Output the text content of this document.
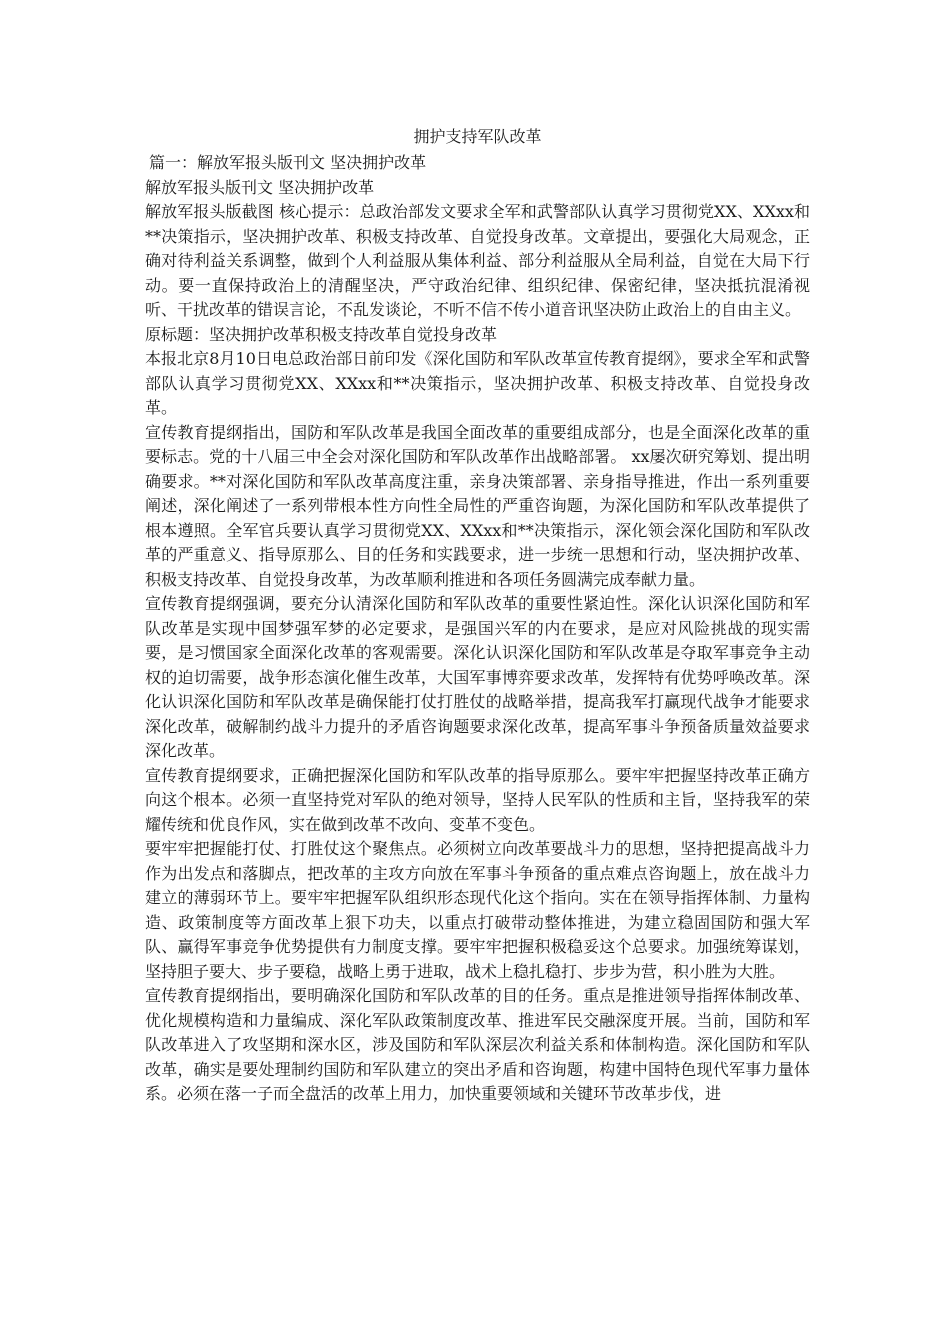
拥护支持军队改革
篇一：解放军报头版刊文 坚决拥护改革
解放军报头版刊文 坚决拥护改革
解放军报头版截图 核心提示：总政治部发文要求全军和武警部队认真学习贯彻党XX、XXxx和**决策指示，坚决拥护改革、积极支持改革、自觉投身改革。文章提出，要强化大局观念，正确对待利益关系调整，做到个人利益服从集体利益、部分利益服从全局利益，自觉在大局下行动。要一直保持政治上的清醒坚决，严守政治纪律、组织纪律、保密纪律，坚决抵抗混淆视听、干扰改革的错误言论，不乱发谈论，不听不信不传小道音讯坚决防止政治上的自由主义。
原标题：坚决拥护改革积极支持改革自觉投身改革
本报北京8月10日电总政治部日前印发《深化国防和军队改革宣传教育提纲》，要求全军和武警部队认真学习贯彻党XX、XXxx和**决策指示，坚决拥护改革、积极支持改革、自觉投身改革。
宣传教育提纲指出，国防和军队改革是我国全面改革的重要组成部分，也是全面深化改革的重要标志。党的十八届三中全会对深化国防和军队改革作出战略部署。 xx屡次研究筹划、提出明确要求。**对深化国防和军队改革高度注重，亲身决策部署、亲身指导推进，作出一系列重要阐述，深化阐述了一系列带根本性方向性全局性的严重咨询题，为深化国防和军队改革提供了根本遵照。全军官兵要认真学习贯彻党XX、XXxx和**决策指示，深化领会深化国防和军队改革的严重意义、指导原那么、目的任务和实践要求，进一步统一思想和行动，坚决拥护改革、积极支持改革、自觉投身改革，为改革顺利推进和各项任务圆满完成奉献力量。
宣传教育提纲强调，要充分认清深化国防和军队改革的重要性紧迫性。深化认识深化国防和军队改革是实现中国梦强军梦的必定要求，是强国兴军的内在要求，是应对风险挑战的现实需要，是习惯国家全面深化改革的客观需要。深化认识深化国防和军队改革是夺取军事竞争主动权的迫切需要，战争形态演化催生改革，大国军事博弈要求改革，发挥特有优势呼唤改革。深化认识深化国防和军队改革是确保能打仗打胜仗的战略举措，提高我军打赢现代战争才能要求深化改革，破解制约战斗力提升的矛盾咨询题要求深化改革，提高军事斗争预备质量效益要求深化改革。
宣传教育提纲要求，正确把握深化国防和军队改革的指导原那么。要牢牢把握坚持改革正确方向这个根本。必须一直坚持党对军队的绝对领导，坚持人民军队的性质和主旨，坚持我军的荣耀传统和优良作风，实在做到改革不改向、变革不变色。
要牢牢把握能打仗、打胜仗这个聚焦点。必须树立向改革要战斗力的思想，坚持把提高战斗力作为出发点和落脚点，把改革的主攻方向放在军事斗争预备的重点难点咨询题上，放在战斗力建立的薄弱环节上。要牢牢把握军队组织形态现代化这个指向。实在在领导指挥体制、力量构造、政策制度等方面改革上狠下功夫，以重点打破带动整体推进，为建立稳固国防和强大军队、赢得军事竞争优势提供有力制度支撑。要牢牢把握积极稳妥这个总要求。加强统筹谋划，坚持胆子要大、步子要稳，战略上勇于进取，战术上稳扎稳打、步步为营，积小胜为大胜。
宣传教育提纲指出，要明确深化国防和军队改革的目的任务。重点是推进领导指挥体制改革、优化规模构造和力量编成、深化军队政策制度改革、推进军民交融深度开展。当前，国防和军队改革进入了攻坚期和深水区，涉及国防和军队深层次利益关系和体制构造。深化国防和军队改革，确实是要处理制约国防和军队建立的突出矛盾和咨询题，构建中国特色现代军事力量体系。必须在落一子而全盘活的改革上用力，加快重要领域和关键环节改革步伐，进
